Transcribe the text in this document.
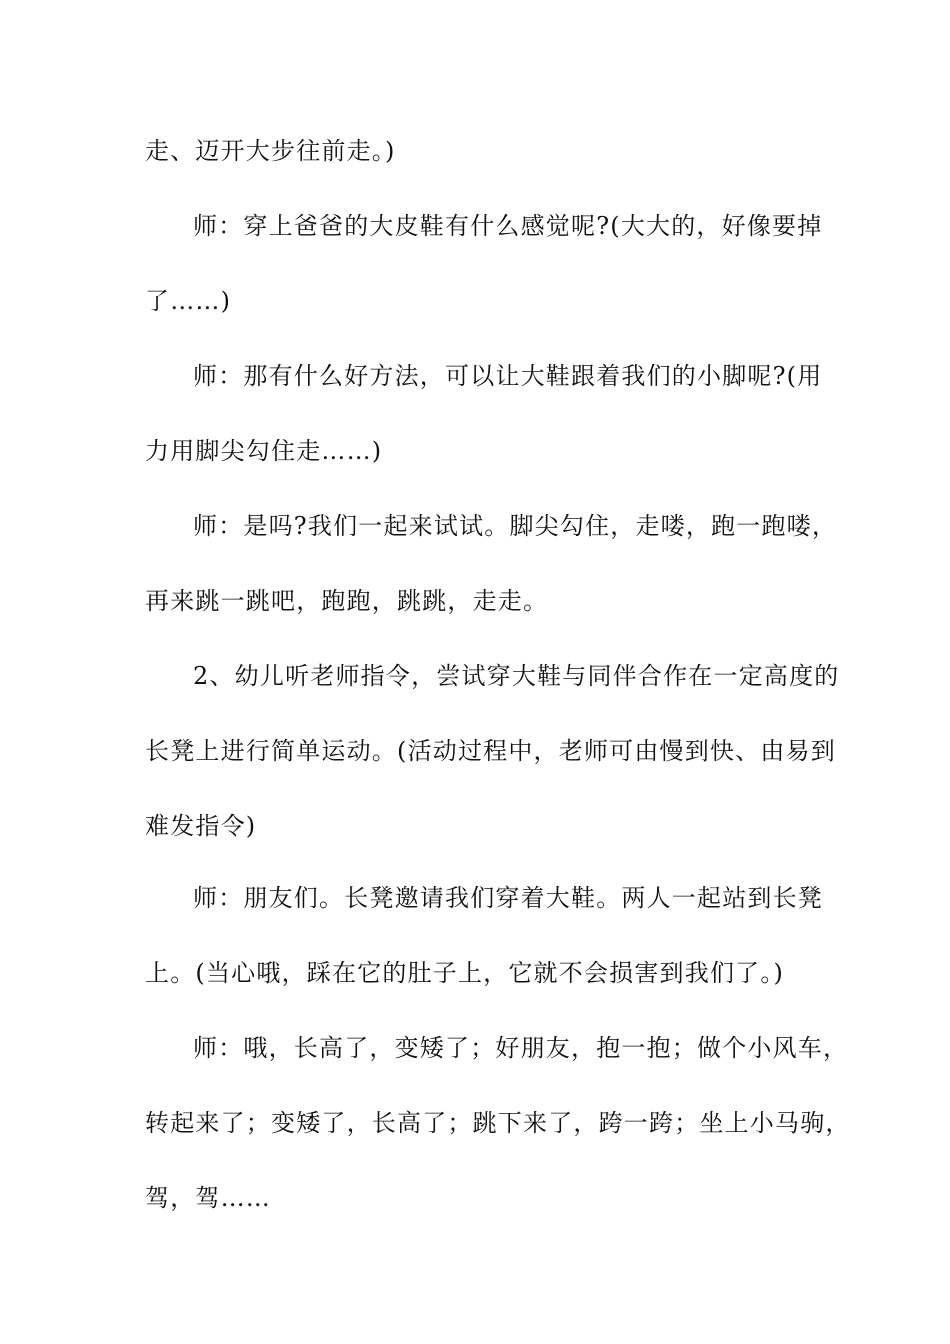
走、迈开大步往前走。)
师：穿上爸爸的大皮鞋有什么感觉呢?(大大的，好像要掉
了……)
师：那有什么好方法，可以让大鞋跟着我们的小脚呢?(用
力用脚尖勾住走……)
师：是吗?我们一起来试试。脚尖勾住，走喽，跑一跑喽，
再来跳一跳吧，跑跑，跳跳，走走。
2、幼儿听老师指令，尝试穿大鞋与同伴合作在一定高度的
长凳上进行简单运动。(活动过程中，老师可由慢到快、由易到
难发指令)
师：朋友们。长凳邀请我们穿着大鞋。两人一起站到长凳
上。(当心哦，踩在它的肚子上，它就不会损害到我们了。)
师：哦，长高了，变矮了；好朋友，抱一抱；做个小风车，
转起来了；变矮了，长高了；跳下来了，跨一跨；坐上小马驹，
驾，驾……
